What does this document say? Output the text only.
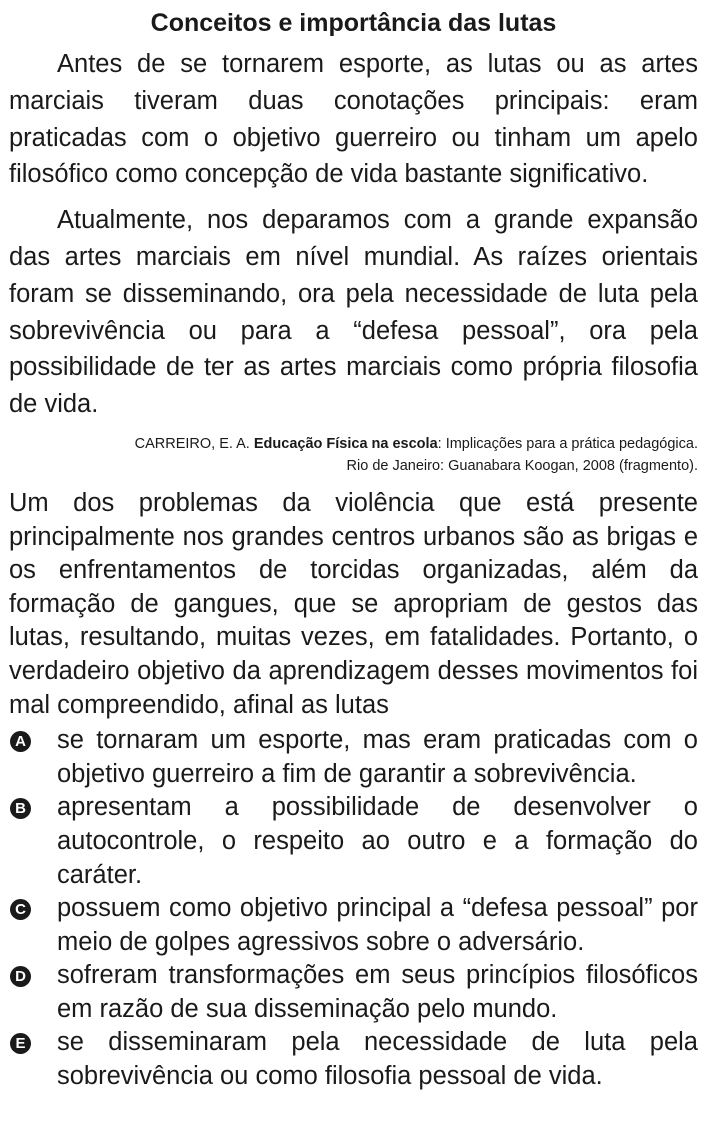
Conceitos e importância das lutas

Antes de se tornarem esporte, as lutas ou as artes marciais tiveram duas conotações principais: eram praticadas com o objetivo guerreiro ou tinham um apelo filosófico como concepção de vida bastante significativo.

Atualmente, nos deparamos com a grande expansão das artes marciais em nível mundial. As raízes orientais foram se disseminando, ora pela necessidade de luta pela sobrevivência ou para a “defesa pessoal”, ora pela possibilidade de ter as artes marciais como própria filosofia de vida.

CARREIRO, E. A. Educação Física na escola: Implicações para a prática pedagógica.
Rio de Janeiro: Guanabara Koogan, 2008 (fragmento).

Um dos problemas da violência que está presente principalmente nos grandes centros urbanos são as brigas e os enfrentamentos de torcidas organizadas, além da formação de gangues, que se apropriam de gestos das lutas, resultando, muitas vezes, em fatalidades. Portanto, o verdadeiro objetivo da aprendizagem desses movimentos foi mal compreendido, afinal as lutas

A se tornaram um esporte, mas eram praticadas com o objetivo guerreiro a fim de garantir a sobrevivência.
B apresentam a possibilidade de desenvolver o autocontrole, o respeito ao outro e a formação do caráter.
C possuem como objetivo principal a “defesa pessoal” por meio de golpes agressivos sobre o adversário.
D sofreram transformações em seus princípios filosóficos em razão de sua disseminação pelo mundo.
E se disseminaram pela necessidade de luta pela sobrevivência ou como filosofia pessoal de vida.
